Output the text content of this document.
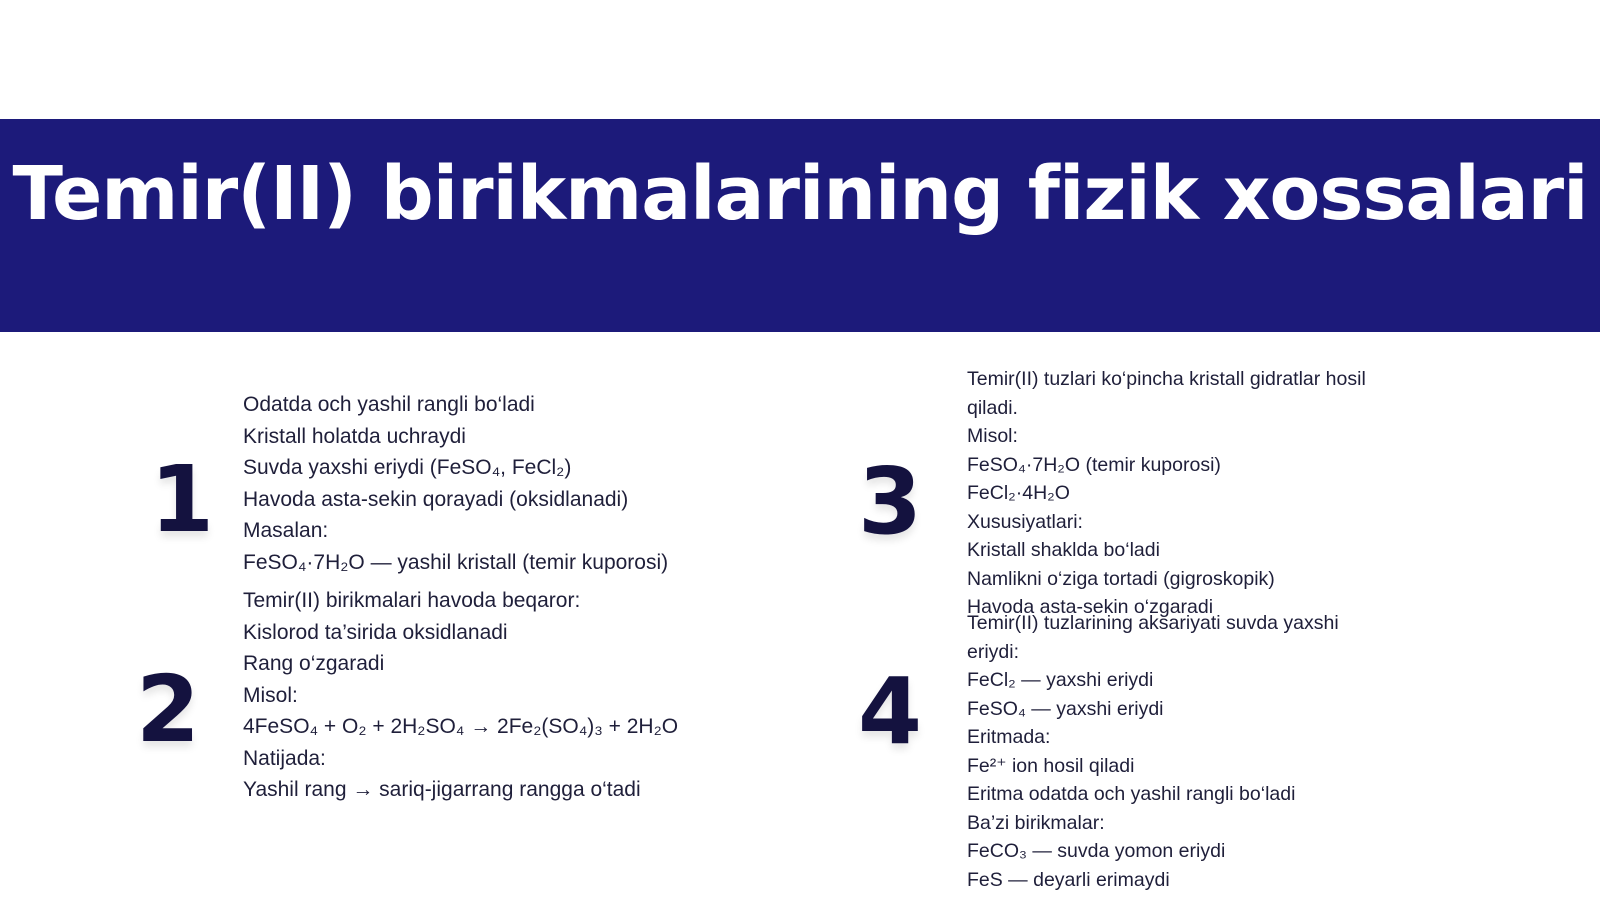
Temir(II) birikmalarining fizik xossalari
1
Odatda och yashil rangli bo‘ladi
Kristall holatda uchraydi
Suvda yaxshi eriydi (FeSO₄, FeCl₂)
Havoda asta-sekin qorayadi (oksidlanadi)
Masalan:
FeSO₄·7H₂O — yashil kristall (temir kuporosi)
2
Temir(II) birikmalari havoda beqaror:
Kislorod ta’sirida oksidlanadi
Rang o‘zgaradi
Misol:
4FeSO₄ + O₂ + 2H₂SO₄ → 2Fe₂(SO₄)₃ + 2H₂O
Natijada:
Yashil rang → sariq-jigarrang rangga o‘tadi
3
Temir(II) tuzlari ko‘pincha kristall gidratlar hosil
qiladi.
Misol:
FeSO₄·7H₂O (temir kuporosi)
FeCl₂·4H₂O
Xususiyatlari:
Kristall shaklda bo‘ladi
Namlikni o‘ziga tortadi (gigroskopik)
Havoda asta-sekin o‘zgaradi
4
Temir(II) tuzlarining aksariyati suvda yaxshi
eriydi:
FeCl₂ — yaxshi eriydi
FeSO₄ — yaxshi eriydi
Eritmada:
Fe²⁺ ion hosil qiladi
Eritma odatda och yashil rangli bo‘ladi
Ba’zi birikmalar:
FeCO₃ — suvda yomon eriydi
FeS — deyarli erimaydi
